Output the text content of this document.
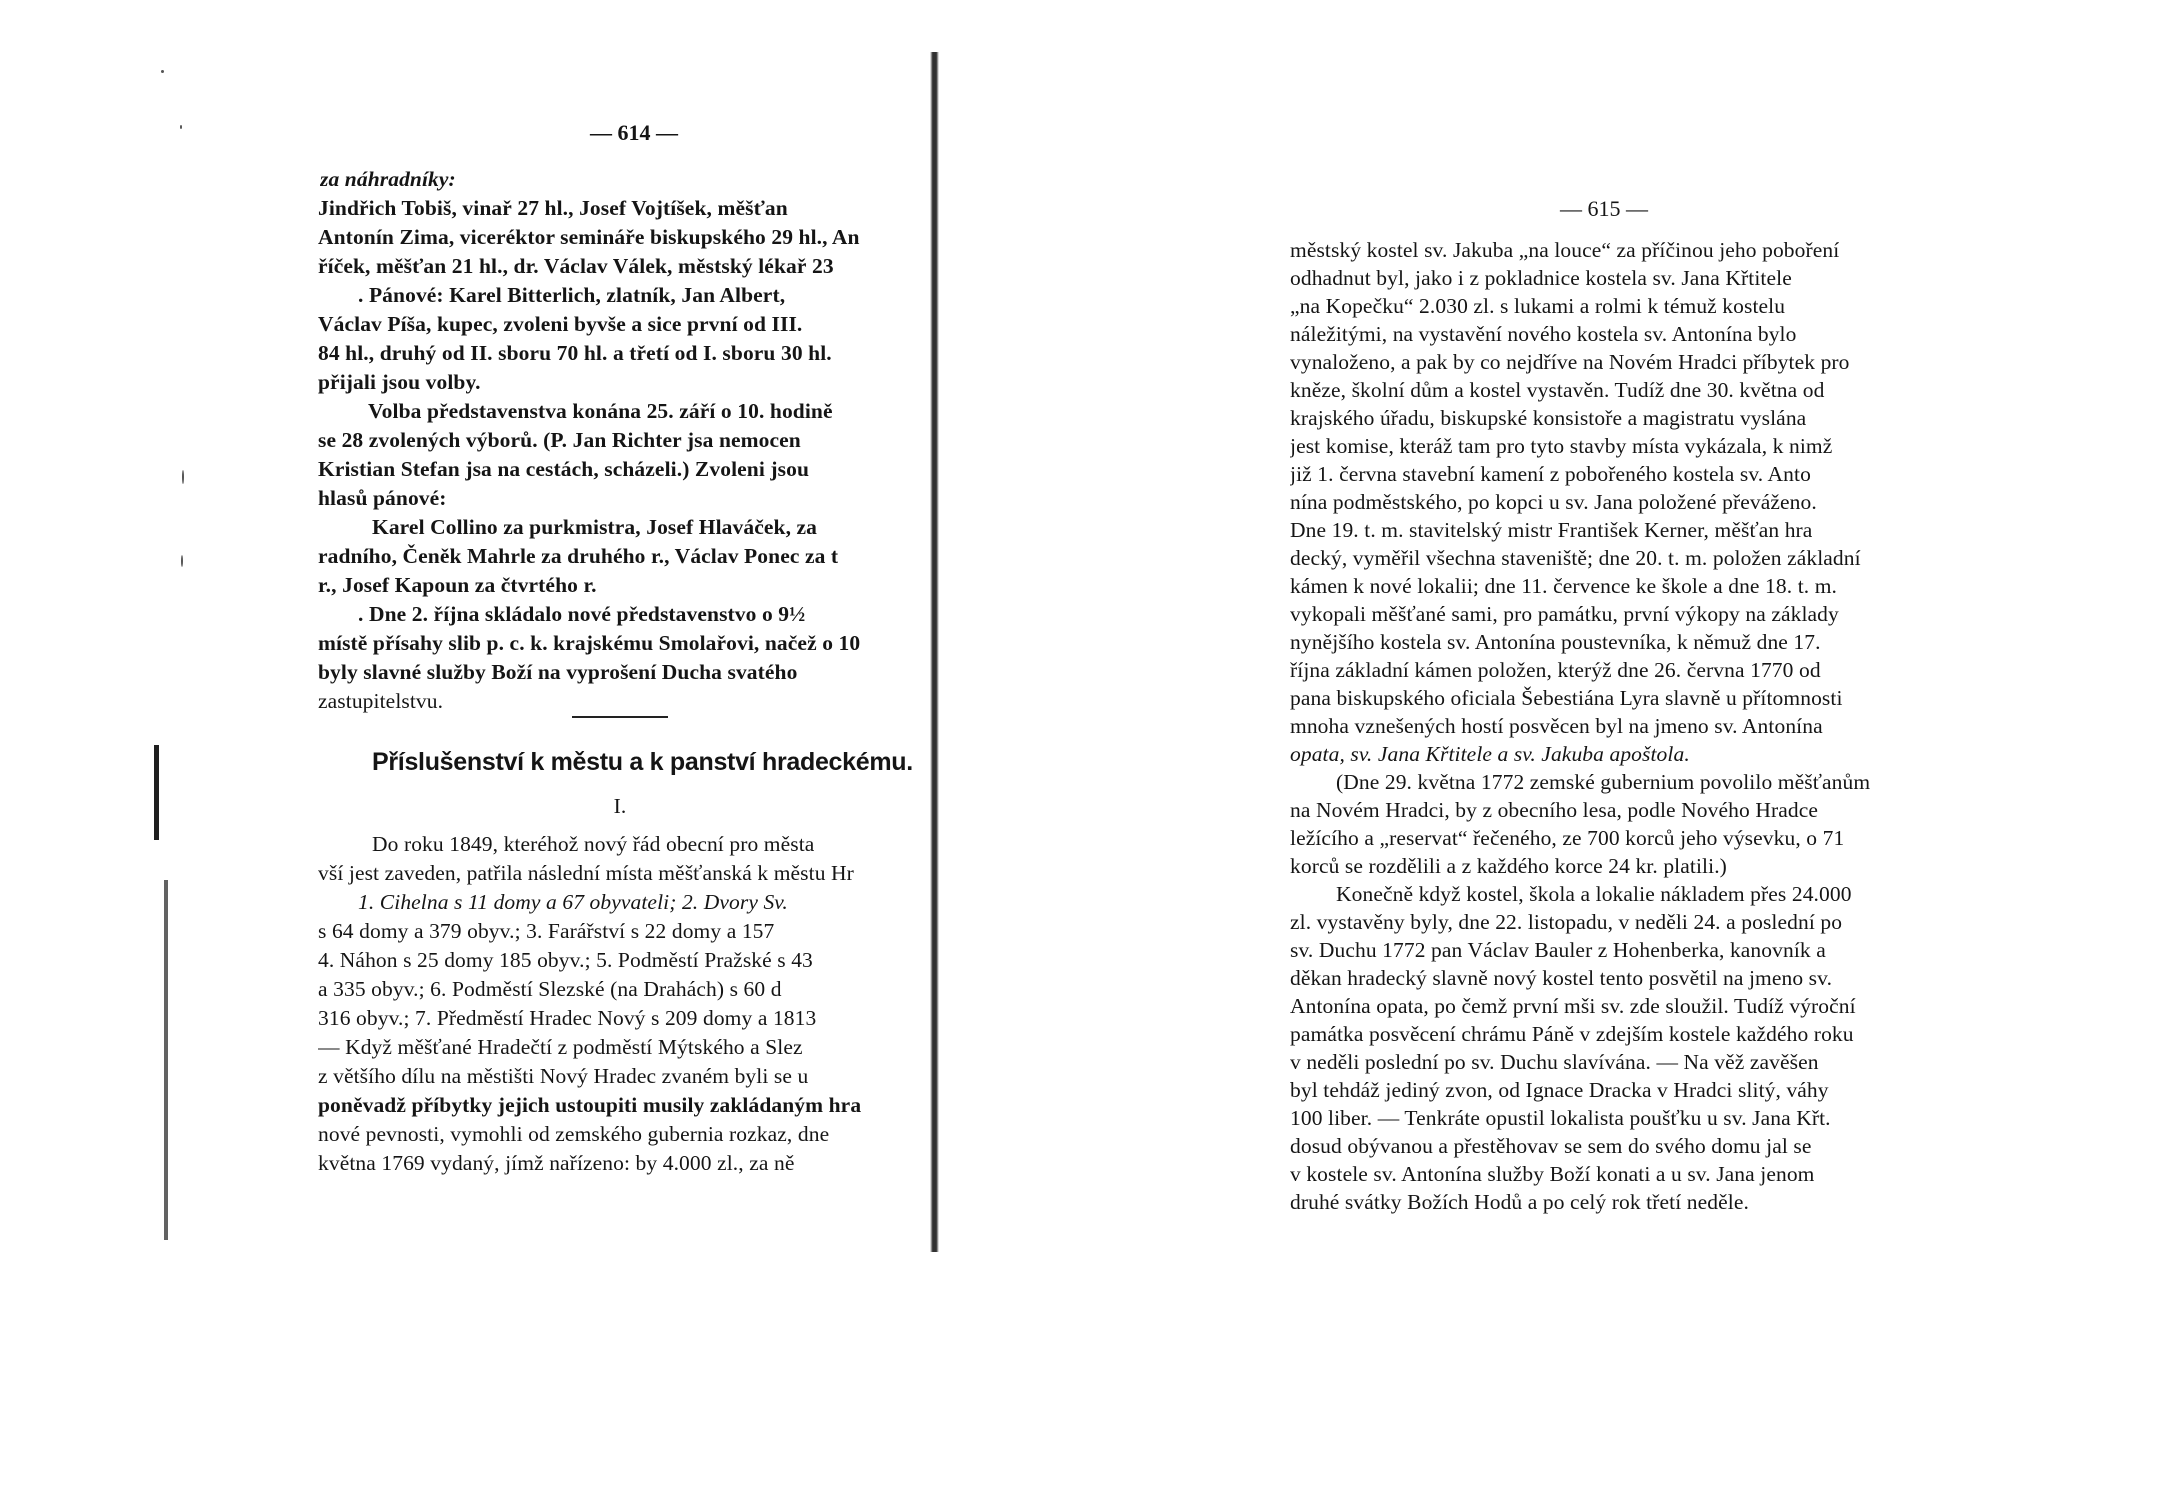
— 614 —
za náhradníky:
Jindřich Tobiš, vinař 27 hl., Josef Vojtíšek, měšťan
Antonín Zima, viceréktor semináře biskupského 29 hl., An
říček, měšťan 21 hl., dr. Václav Válek, městský lékař 23
. Pánové: Karel Bitterlich, zlatník, Jan Albert,
Václav Píša, kupec, zvoleni byvše a sice první od III.
84 hl., druhý od II. sboru 70 hl. a třetí od I. sboru 30 hl.
přijali jsou volby.
Volba představenstva konána 25. září o 10. hodině
se 28 zvolených výborů. (P. Jan Richter jsa nemocen
Kristian Stefan jsa na cestách, scházeli.) Zvoleni jsou
hlasů pánové:
Karel Collino za purkmistra, Josef Hlaváček, za
radního, Čeněk Mahrle za druhého r., Václav Ponec za t
r., Josef Kapoun za čtvrtého r.
. Dne 2. října skládalo nové představenstvo o 9½
místě přísahy slib p. c. k. krajskému Smolařovi, načež o 10
byly slavné služby Boží na vyprošení Ducha svatého
zastupitelstvu.
Příslušenství k městu a k panství hradeckému.
I.
Do roku 1849, kteréhož nový řád obecní pro města
vší jest zaveden, patřila následní místa měšťanská k městu Hr
1. Cihelna s 11 domy a 67 obyvateli; 2. Dvory Sv.
s 64 domy a 379 obyv.; 3. Farářství s 22 domy a 157
4. Náhon s 25 domy 185 obyv.; 5. Podměstí Pražské s 43
a 335 obyv.; 6. Podměstí Slezské (na Drahách) s 60 d
316 obyv.; 7. Předměstí Hradec Nový s 209 domy a 1813
— Když měšťané Hradečtí z podměstí Mýtského a Slez
z většího dílu na městišti Nový Hradec zvaném byli se u
poněvadž příbytky jejich ustoupiti musily zakládaným hra
nové pevnosti, vymohli od zemského gubernia rozkaz, dne
května 1769 vydaný, jímž nařízeno: by 4.000 zl., za ně
— 615 —
městský kostel sv. Jakuba „na louce“ za příčinou jeho poboření
odhadnut byl, jako i z pokladnice kostela sv. Jana Křtitele
„na Kopečku“ 2.030 zl. s lukami a rolmi k témuž kostelu
náležitými, na vystavění nového kostela sv. Antonína bylo
vynaloženo, a pak by co nejdříve na Novém Hradci příbytek pro
kněze, školní dům a kostel vystavěn. Tudíž dne 30. května od
krajského úřadu, biskupské konsistoře a magistratu vyslána
jest komise, kteráž tam pro tyto stavby místa vykázala, k nimž
již 1. června stavební kamení z pobořeného kostela sv. Anto
nína podměstského, po kopci u sv. Jana položené převáženo.
Dne 19. t. m. stavitelský mistr František Kerner, měšťan hra
decký, vyměřil všechna staveniště; dne 20. t. m. položen základní
kámen k nové lokalii; dne 11. července ke škole a dne 18. t. m.
vykopali měšťané sami, pro památku, první výkopy na základy
nynějšího kostela sv. Antonína poustevníka, k němuž dne 17.
října základní kámen položen, kterýž dne 26. června 1770 od
pana biskupského oficiala Šebestiána Lyra slavně u přítomnosti
mnoha vznešených hostí posvěcen byl na jmeno sv. Antonína
opata, sv. Jana Křtitele a sv. Jakuba apoštola.
(Dne 29. května 1772 zemské gubernium povolilo měšťanům
na Novém Hradci, by z obecního lesa, podle Nového Hradce
ležícího a „reservat“ řečeného, ze 700 korců jeho výsevku, o 71
korců se rozdělili a z každého korce 24 kr. platili.)
Konečně když kostel, škola a lokalie nákladem přes 24.000
zl. vystavěny byly, dne 22. listopadu, v neděli 24. a poslední po
sv. Duchu 1772 pan Václav Bauler z Hohenberka, kanovník a
děkan hradecký slavně nový kostel tento posvětil na jmeno sv.
Antonína opata, po čemž první mši sv. zde sloužil. Tudíž výroční
památka posvěcení chrámu Páně v zdejším kostele každého roku
v neděli poslední po sv. Duchu slavívána. — Na věž zavěšen
byl tehdáž jediný zvon, od Ignace Dracka v Hradci slitý, váhy
100 liber. — Tenkráte opustil lokalista poušťku u sv. Jana Křt.
dosud obývanou a přestěhovav se sem do svého domu jal se
v kostele sv. Antonína služby Boží konati a u sv. Jana jenom
druhé svátky Božích Hodů a po celý rok třetí neděle.
